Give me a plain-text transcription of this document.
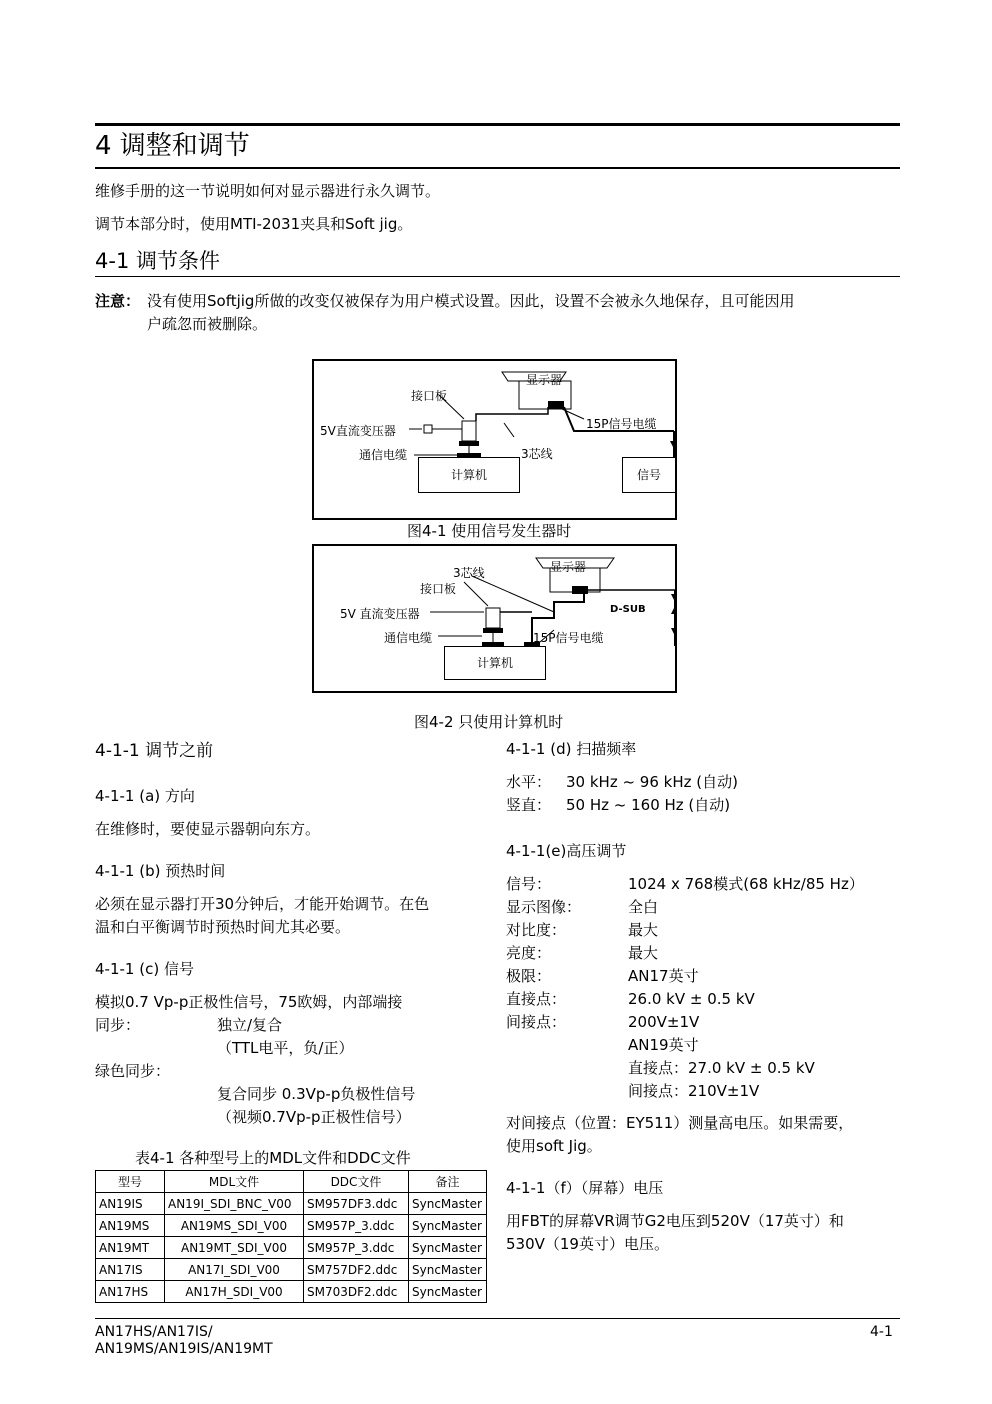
4 调整和调节
维修手册的这一节说明如何对显示器进行永久调节。
调节本部分时，使用MTI-2031夹具和Soft jig。
4-1 调节条件
注意： 没有使用Softjig所做的改变仅被保存为用户模式设置。因此，设置不会被永久地保存，且可能因用
户疏忽而被删除。
显示器
接口板
5V直流变压器
通信电缆	3芯线
15P信号电缆
计算机	信号
图4-1 使用信号发生器时
3芯线	显示器
接口板
D-SUB
5V 直流变压器
通信电缆	15P信号电缆
计算机
图4-2 只使用计算机时
4-1-1 调节之前
4-1-1 (a) 方向
在维修时，要使显示器朝向东方。
4-1-1 (b) 预热时间
必须在显示器打开30分钟后，才能开始调节。在色
温和白平衡调节时预热时间尤其必要。
4-1-1 (c) 信号
模拟0.7 Vp-p正极性信号，75欧姆，内部端接
同步：	独立/复合
（TTL电平，负/正）
绿色同步：
复合同步 0.3Vp-p负极性信号
（视频0.7Vp-p正极性信号）
表4-1 各种型号上的MDL文件和DDC文件
型号	MDL文件	DDC文件	备注
AN19IS	AN19I_SDI_BNC_V00	SM957DF3.ddc	SyncMaster
AN19MS	AN19MS_SDI_V00	SM957P_3.ddc	SyncMaster
AN19MT	AN19MT_SDI_V00	SM957P_3.ddc	SyncMaster
AN17IS	AN17I_SDI_V00	SM757DF2.ddc	SyncMaster
AN17HS	AN17H_SDI_V00	SM703DF2.ddc	SyncMaster
4-1-1 (d) 扫描频率
水平： 30 kHz ~ 96 kHz (自动)
竖直： 50 Hz ~ 160 Hz (自动)
4-1-1(e)高压调节
信号：	1024 x 768模式(68 kHz/85 Hz）
显示图像：	全白
对比度：	最大
亮度：	最大
极限：	AN17英寸
直接点：	26.0 kV ± 0.5 kV
间接点：	200V±1V
AN19英寸
直接点：27.0 kV ± 0.5 kV
间接点：210V±1V
对间接点（位置：EY511）测量高电压。如果需要，
使用soft Jig。
4-1-1（f）（屏幕）电压
用FBT的屏幕VR调节G2电压到520V（17英寸）和
530V（19英寸）电压。
AN17HS/AN17IS/
AN19MS/AN19IS/AN19MT
4-1
